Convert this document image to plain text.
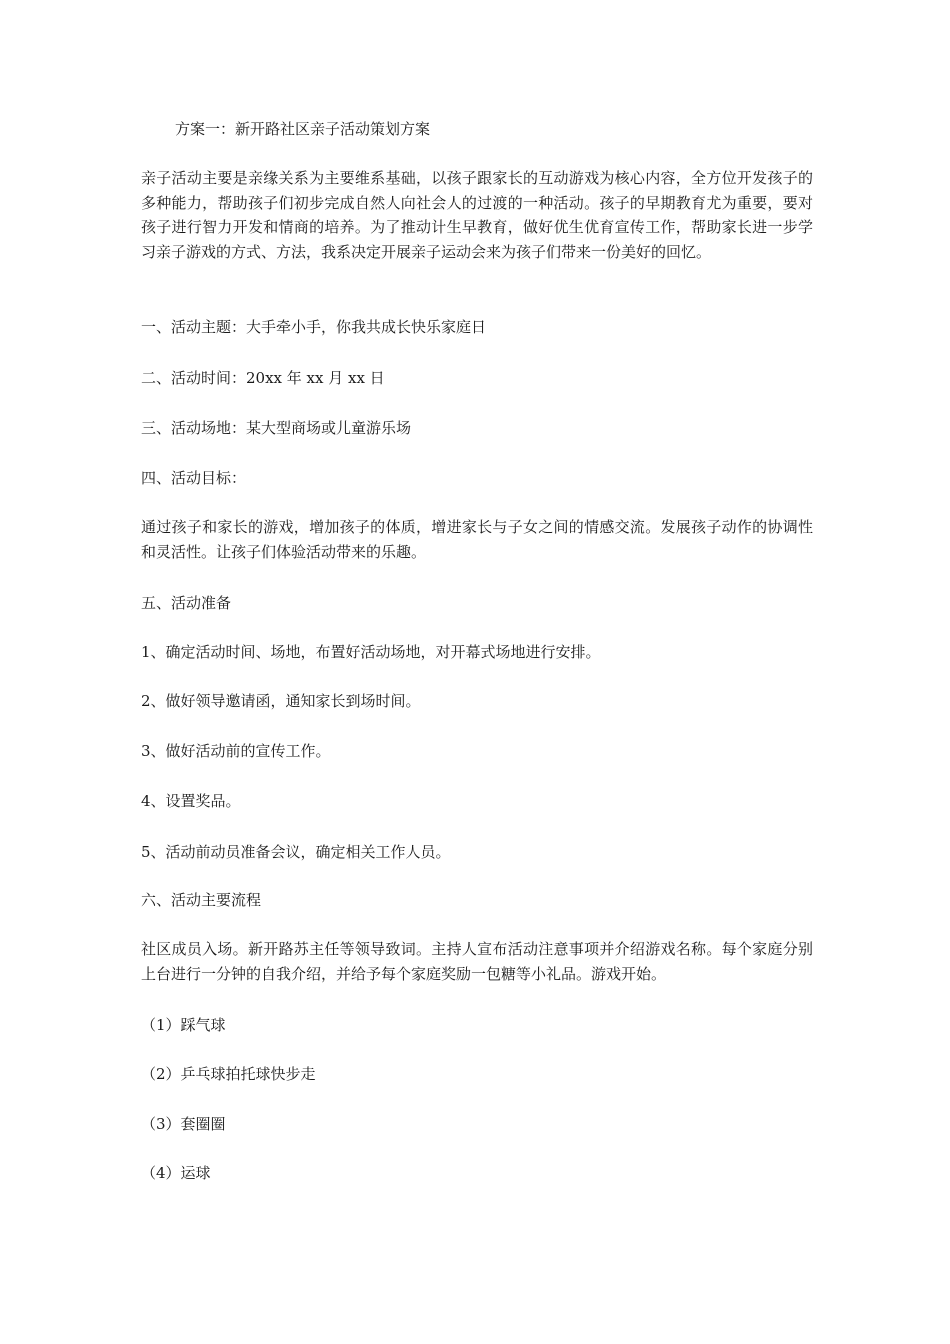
方案一：新开路社区亲子活动策划方案

亲子活动主要是亲缘关系为主要维系基础，以孩子跟家长的互动游戏为核心内容，全方位开发孩子的多种能力，帮助孩子们初步完成自然人向社会人的过渡的一种活动。孩子的早期教育尤为重要，要对孩子进行智力开发和情商的培养。为了推动计生早教育，做好优生优育宣传工作，帮助家长进一步学习亲子游戏的方式、方法，我系决定开展亲子运动会来为孩子们带来一份美好的回忆。

一、活动主题：大手牵小手，你我共成长快乐家庭日

二、活动时间：20xx 年 xx 月 xx 日

三、活动场地：某大型商场或儿童游乐场

四、活动目标：

通过孩子和家长的游戏，增加孩子的体质，增进家长与子女之间的情感交流。发展孩子动作的协调性和灵活性。让孩子们体验活动带来的乐趣。

五、活动准备

1、确定活动时间、场地，布置好活动场地，对开幕式场地进行安排。

2、做好领导邀请函，通知家长到场时间。

3、做好活动前的宣传工作。

4、设置奖品。

5、活动前动员准备会议，确定相关工作人员。

六、活动主要流程

社区成员入场。新开路苏主任等领导致词。主持人宣布活动注意事项并介绍游戏名称。每个家庭分别上台进行一分钟的自我介绍，并给予每个家庭奖励一包糖等小礼品。游戏开始。

（1）踩气球

（2）乒乓球拍托球快步走

（3）套圈圈

（4）运球
